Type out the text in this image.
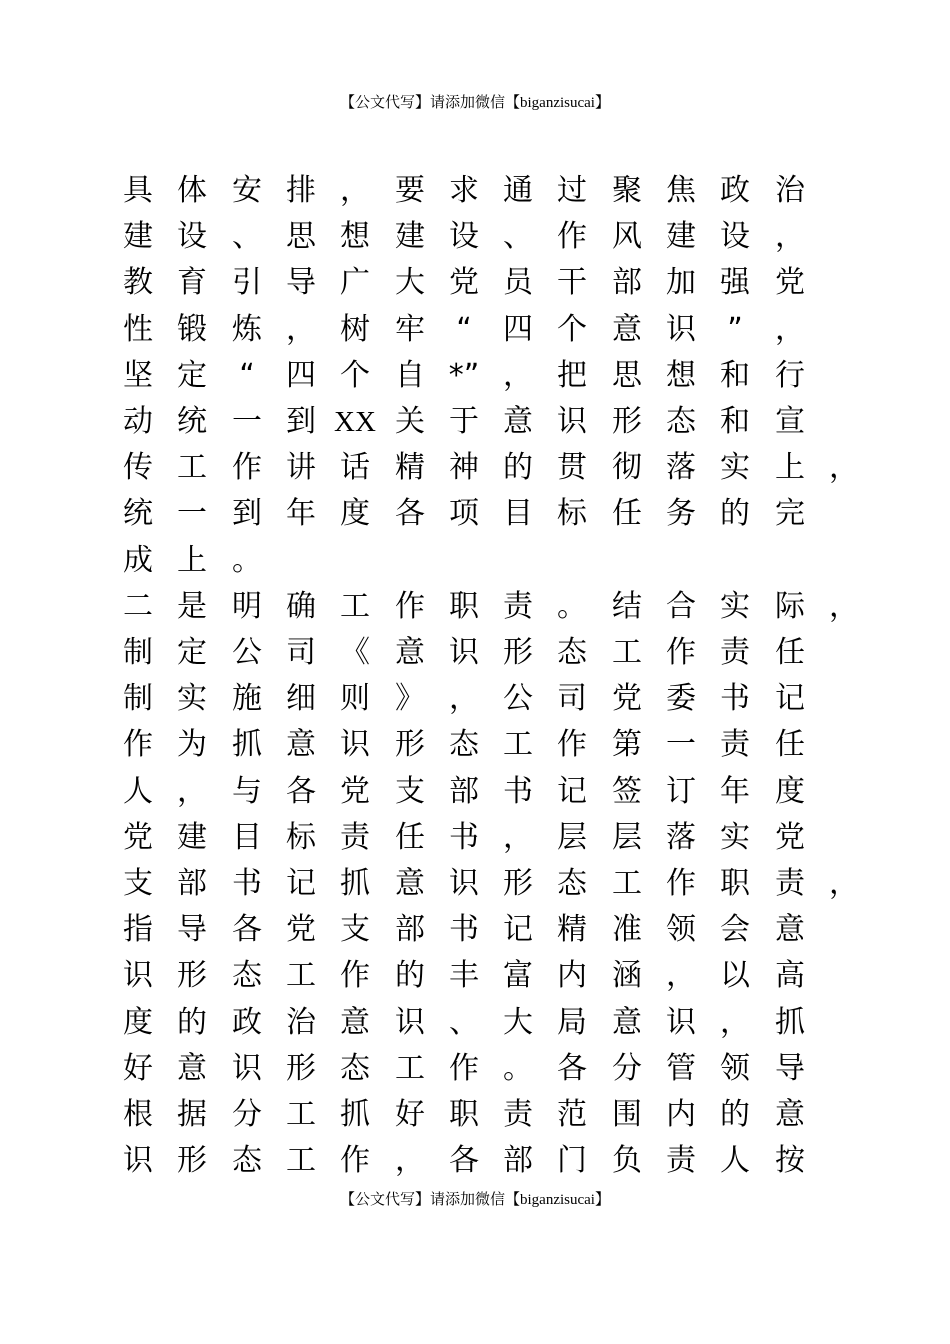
【公文代写】请添加微信【biganzisucai】
具 体 安 排 ， 要 求 通 过 聚 焦 政 治
建 设 、 思 想 建 设 、 作 风 建 设 ，
教 育 引 导 广 大 党 员 干 部 加 强 党
性 锻 炼 ， 树 牢	“	四 个 意 识	”	，
坚 定	“	四 个 自 *” ， 把 思 想 和 行
动 统 一 到 XX 关 于 意 识 形 态 和 宣
传 工 作 讲 话 精 神 的 贯 彻 落 实 上 ，
统 一 到 年 度 各 项 目 标 任 务 的 完
成 上 。
二 是 明 确 工 作 职 责 。 结 合 实 际 ，
制 定 公 司 《 意 识 形 态 工 作 责 任
制 实 施 细 则 》 ， 公 司 党 委 书 记
作 为 抓 意 识 形 态 工 作 第 一 责 任
人 ， 与 各 党 支 部 书 记 签 订 年 度
党 建 目 标 责 任 书 ， 层 层 落 实 党
支 部 书 记 抓 意 识 形 态 工 作 职 责 ，
指 导 各 党 支 部 书 记 精 准 领 会 意
识 形 态 工 作 的 丰 富 内 涵 ， 以 高
度 的 政 治 意 识 、 大 局 意 识 ， 抓
好 意 识 形 态 工 作 。 各 分 管 领 导
根 据 分 工 抓 好 职 责 范 围 内 的 意
识 形 态 工 作 ， 各 部 门 负 责 人 按
【公文代写】请添加微信【biganzisucai】
